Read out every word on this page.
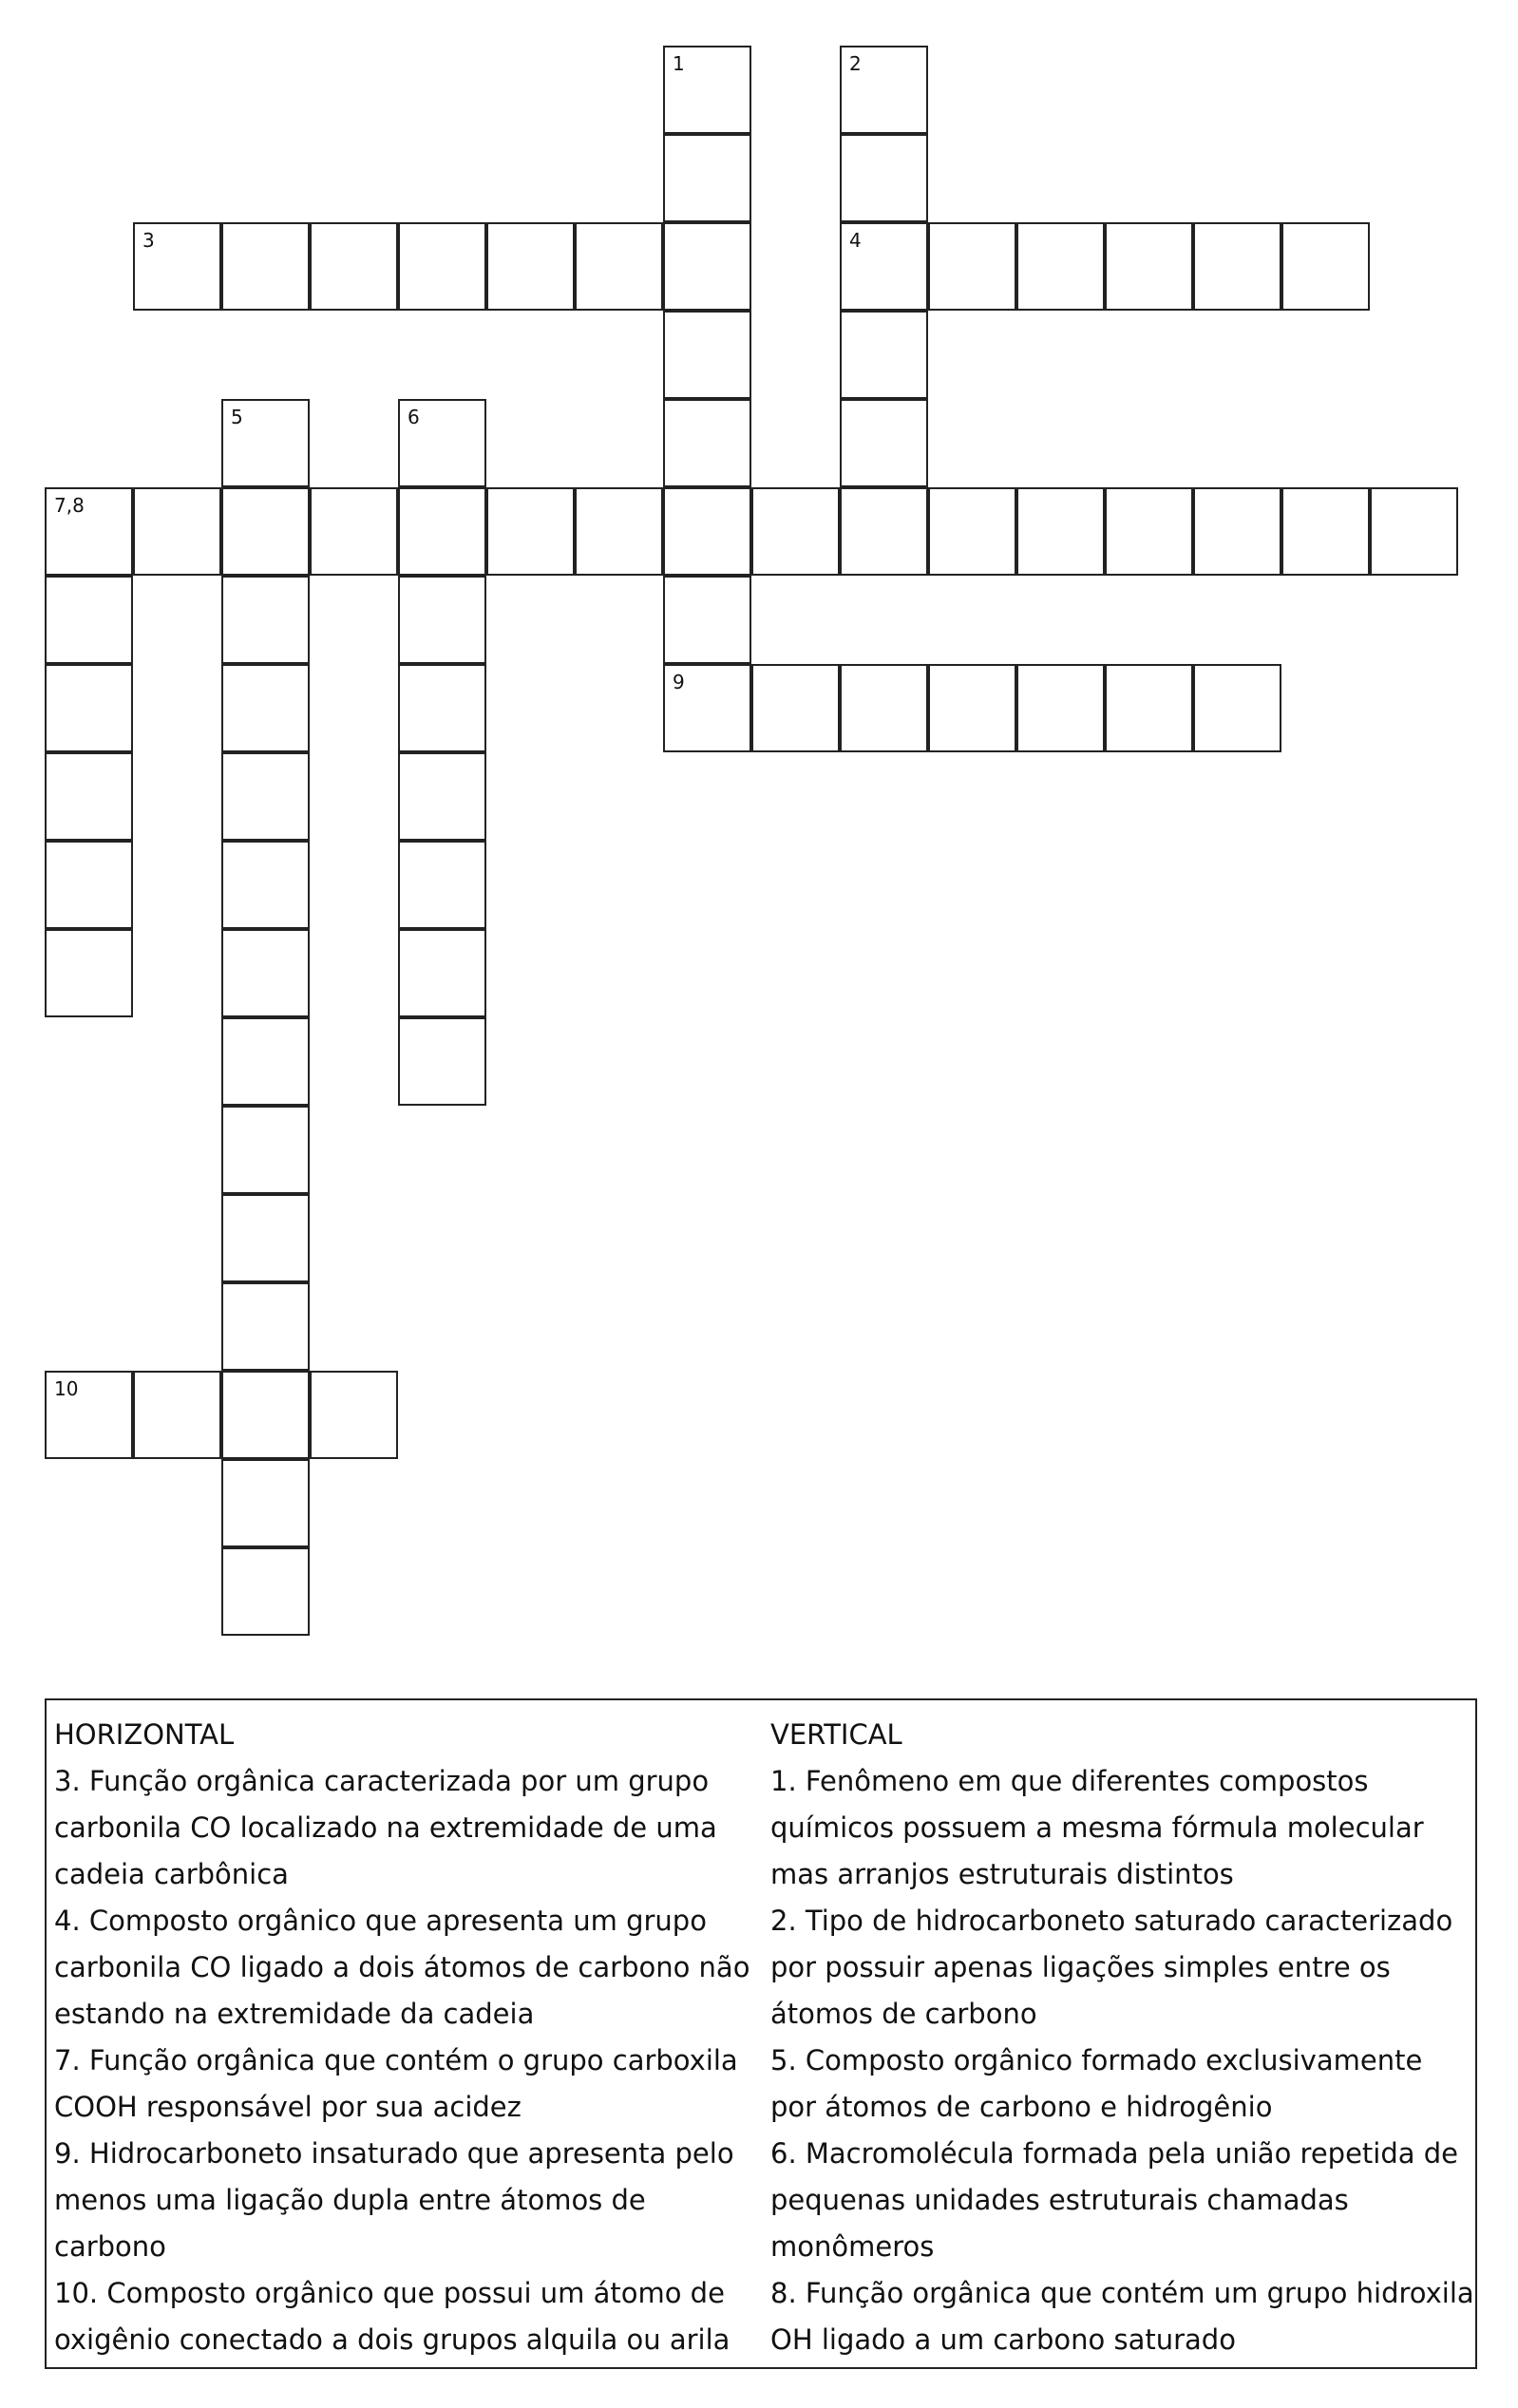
1	2
4
3
5	6
7,8
9
10
HORIZONTAL
3. Função orgânica caracterizada por um grupo carbonila CO localizado na extremidade de uma cadeia carbônica
4. Composto orgânico que apresenta um grupo carbonila CO ligado a dois átomos de carbono não estando na extremidade da cadeia
7. Função orgânica que contém o grupo carboxila COOH responsável por sua acidez
9. Hidrocarboneto insaturado que apresenta pelo menos uma ligação dupla entre átomos de carbono
10. Composto orgânico que possui um átomo de oxigênio conectado a dois grupos alquila ou arila
VERTICAL
1. Fenômeno em que diferentes compostos químicos possuem a mesma fórmula molecular mas arranjos estruturais distintos
2. Tipo de hidrocarboneto saturado caracterizado por possuir apenas ligações simples entre os átomos de carbono
5. Composto orgânico formado exclusivamente por átomos de carbono e hidrogênio
6. Macromolécula formada pela união repetida de pequenas unidades estruturais chamadas monômeros
8. Função orgânica que contém um grupo hidroxila OH ligado a um carbono saturado
